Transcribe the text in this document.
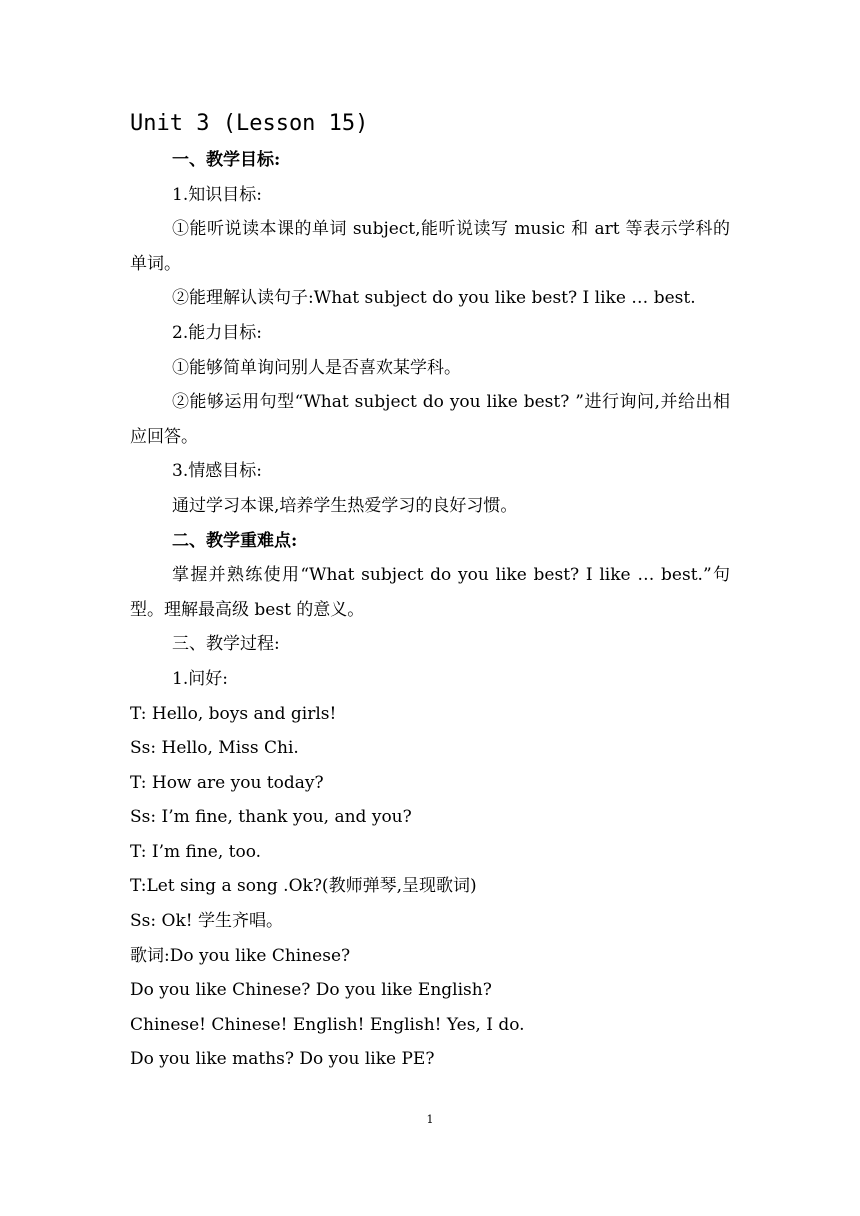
Unit 3 (Lesson 15)

一、教学目标:

1.知识目标:

①能听说读本课的单词 subject,能听说读写 music 和 art 等表示学科的单词。

②能理解认读句子:What subject do you like best? I like … best.

2.能力目标:

①能够简单询问别人是否喜欢某学科。

②能够运用句型“What subject do you like best? ”进行询问,并给出相应回答。

3.情感目标:

通过学习本课,培养学生热爱学习的良好习惯。

二、教学重难点:

掌握并熟练使用“What subject do you like best? I like … best.”句型。理解最高级 best 的意义。

三、教学过程:

1.问好:

T: Hello, boys and girls!

Ss: Hello, Miss Chi.

T: How are you today?

Ss: I’m fine, thank you, and you?

T: I’m fine, too.

T:Let sing a song .Ok?(教师弹琴,呈现歌词)

Ss: Ok! 学生齐唱。

歌词:Do you like Chinese?

Do you like Chinese? Do you like English?

Chinese! Chinese! English! English! Yes, I do.

Do you like maths? Do you like PE?

1
